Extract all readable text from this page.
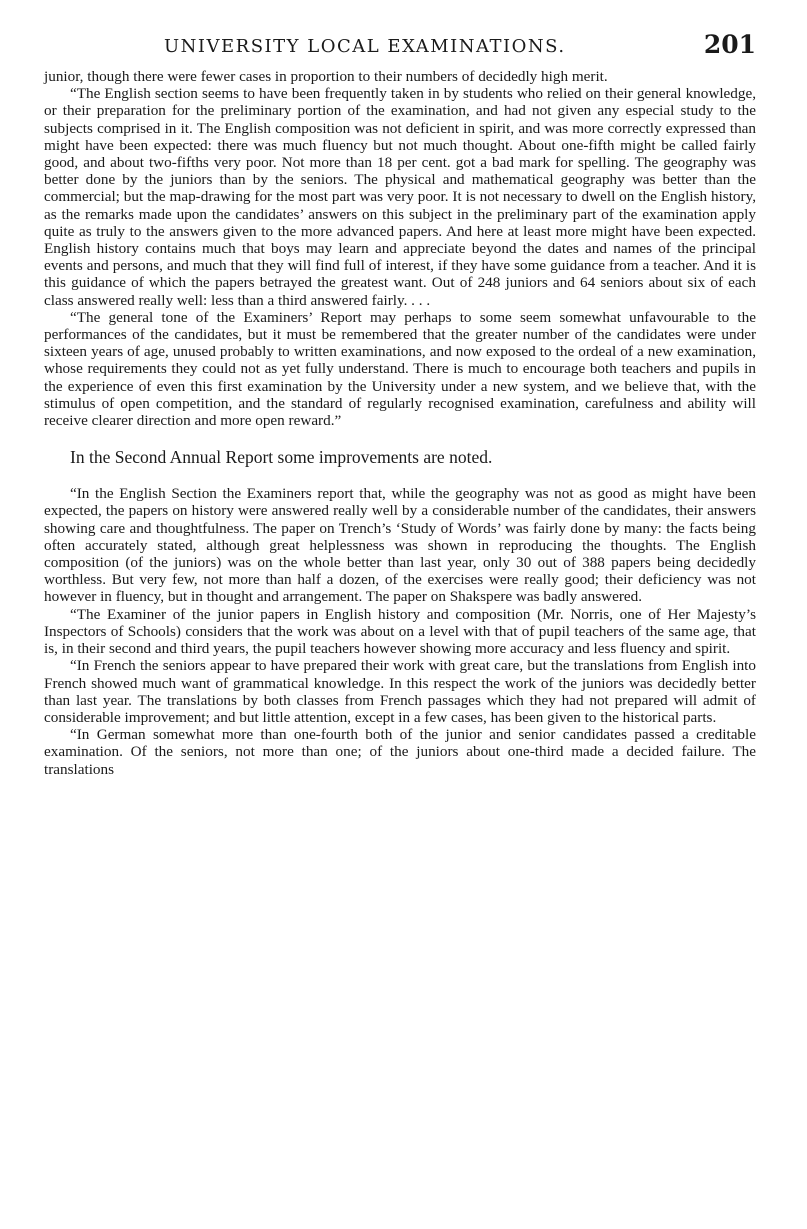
UNIVERSITY LOCAL EXAMINATIONS.	201

junior, though there were fewer cases in proportion to their numbers of decidedly high merit.

“The English section seems to have been frequently taken in by students who relied on their general knowledge, or their preparation for the preliminary portion of the examination, and had not given any especial study to the subjects comprised in it. The English composition was not deficient in spirit, and was more correctly expressed than might have been expected: there was much fluency but not much thought. About one-fifth might be called fairly good, and about two-fifths very poor. Not more than 18 per cent. got a bad mark for spelling. The geography was better done by the juniors than by the seniors. The physical and mathematical geography was better than the commercial; but the map-drawing for the most part was very poor. It is not necessary to dwell on the English history, as the remarks made upon the candidates’ answers on this subject in the preliminary part of the examination apply quite as truly to the answers given to the more advanced papers. And here at least more might have been expected. English history contains much that boys may learn and appreciate beyond the dates and names of the principal events and persons, and much that they will find full of interest, if they have some guidance from a teacher. And it is this guidance of which the papers betrayed the greatest want. Out of 248 juniors and 64 seniors about six of each class answered really well: less than a third answered fairly. . . .

“The general tone of the Examiners’ Report may perhaps to some seem somewhat unfavourable to the performances of the candidates, but it must be remembered that the greater number of the candidates were under sixteen years of age, unused probably to written examinations, and now exposed to the ordeal of a new examination, whose requirements they could not as yet fully understand. There is much to encourage both teachers and pupils in the experience of even this first examination by the University under a new system, and we believe that, with the stimulus of open competition, and the standard of regularly recognised examination, carefulness and ability will receive clearer direction and more open reward.”

In the Second Annual Report some improvements are noted.

“In the English Section the Examiners report that, while the geography was not as good as might have been expected, the papers on history were answered really well by a considerable number of the candidates, their answers showing care and thoughtfulness. The paper on Trench’s ‘Study of Words’ was fairly done by many: the facts being often accurately stated, although great helplessness was shown in reproducing the thoughts. The English composition (of the juniors) was on the whole better than last year, only 30 out of 388 papers being decidedly worthless. But very few, not more than half a dozen, of the exercises were really good; their deficiency was not however in fluency, but in thought and arrangement. The paper on Shakspere was badly answered.

“The Examiner of the junior papers in English history and composition (Mr. Norris, one of Her Majesty’s Inspectors of Schools) considers that the work was about on a level with that of pupil teachers of the same age, that is, in their second and third years, the pupil teachers however showing more accuracy and less fluency and spirit.

“In French the seniors appear to have prepared their work with great care, but the translations from English into French showed much want of grammatical knowledge. In this respect the work of the juniors was decidedly better than last year. The translations by both classes from French passages which they had not prepared will admit of considerable improvement; and but little attention, except in a few cases, has been given to the historical parts.

“In German somewhat more than one-fourth both of the junior and senior candidates passed a creditable examination. Of the seniors, not more than one; of the juniors about one-third made a decided failure. The translations
